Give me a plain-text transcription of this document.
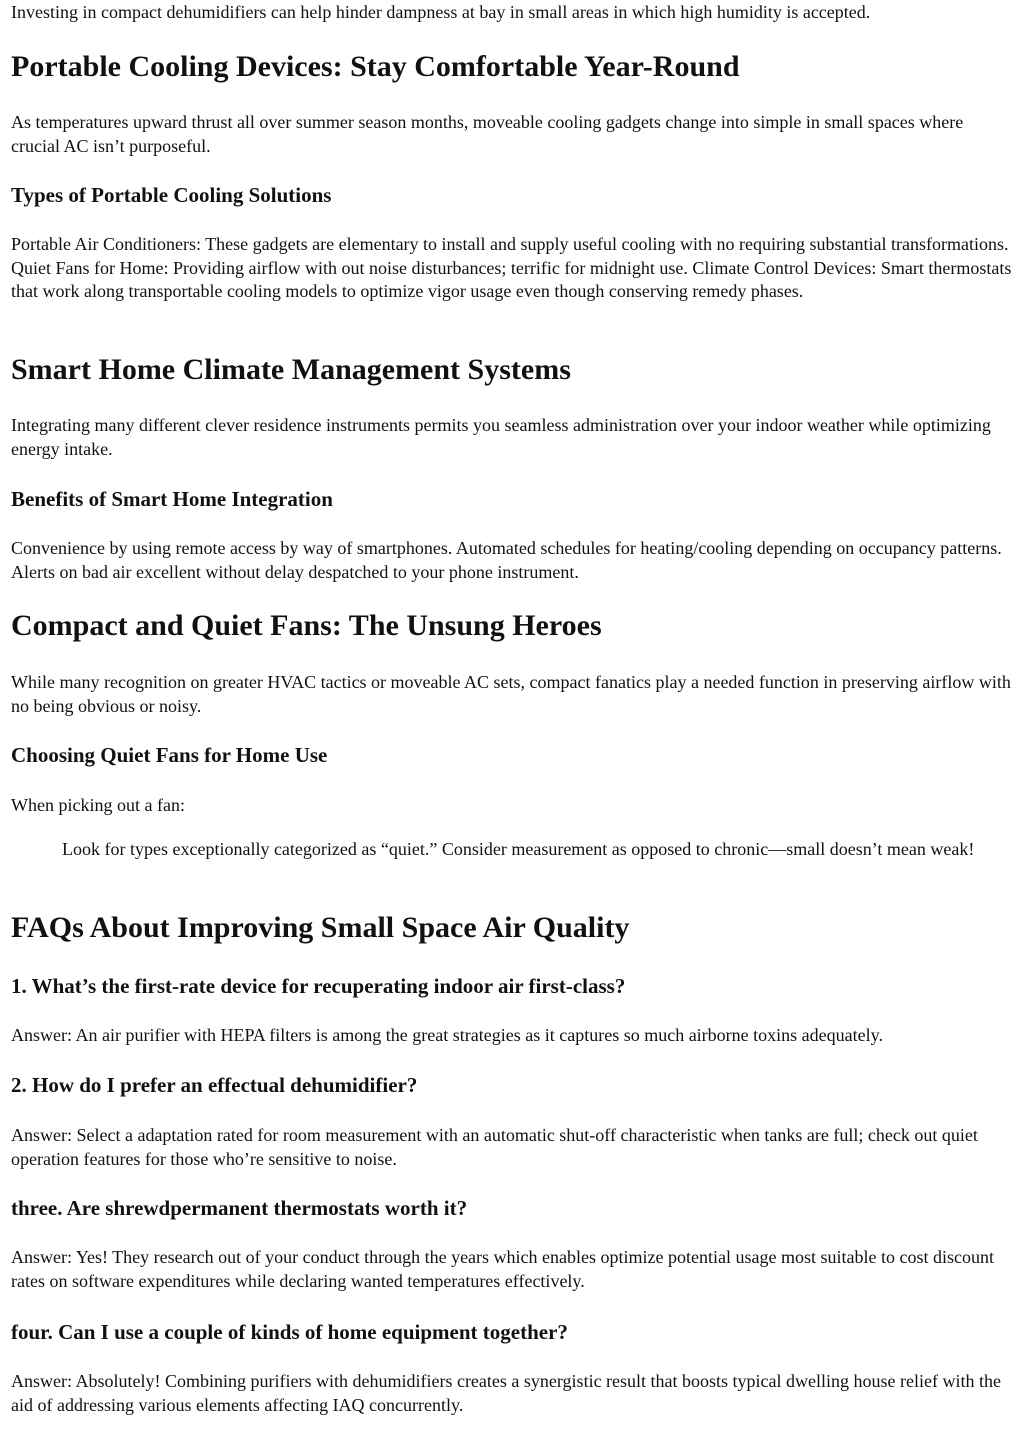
Investing in compact dehumidifiers can help hinder dampness at bay in small areas in which high humidity is accepted.

Portable Cooling Devices: Stay Comfortable Year-Round

As temperatures upward thrust all over summer season months, moveable cooling gadgets change into simple in small spaces where crucial AC isn’t purposeful.

Types of Portable Cooling Solutions

Portable Air Conditioners: These gadgets are elementary to install and supply useful cooling with no requiring substantial transformations. Quiet Fans for Home: Providing airflow with out noise disturbances; terrific for midnight use. Climate Control Devices: Smart thermostats that work along transportable cooling models to optimize vigor usage even though conserving remedy phases.

Smart Home Climate Management Systems

Integrating many different clever residence instruments permits you seamless administration over your indoor weather while optimizing energy intake.

Benefits of Smart Home Integration

Convenience by using remote access by way of smartphones. Automated schedules for heating/cooling depending on occupancy patterns. Alerts on bad air excellent without delay despatched to your phone instrument.

Compact and Quiet Fans: The Unsung Heroes

While many recognition on greater HVAC tactics or moveable AC sets, compact fanatics play a needed function in preserving airflow with no being obvious or noisy.

Choosing Quiet Fans for Home Use

When picking out a fan:

Look for types exceptionally categorized as “quiet.” Consider measurement as opposed to chronic—small doesn’t mean weak!
FAQs About Improving Small Space Air Quality
1. What’s the first-rate device for recuperating indoor air first-class?

Answer: An air purifier with HEPA filters is among the great strategies as it captures so much airborne toxins adequately.

2. How do I prefer an effectual dehumidifier?

Answer: Select a adaptation rated for room measurement with an automatic shut-off characteristic when tanks are full; check out quiet operation features for those who’re sensitive to noise.

three. Are shrewdpermanent thermostats worth it?

Answer: Yes! They research out of your conduct through the years which enables optimize potential usage most suitable to cost discount rates on software expenditures while declaring wanted temperatures effectively.

four. Can I use a couple of kinds of home equipment together?

Answer: Absolutely! Combining purifiers with dehumidifiers creates a synergistic result that boosts typical dwelling house relief with the aid of addressing various elements affecting IAQ concurrently.
